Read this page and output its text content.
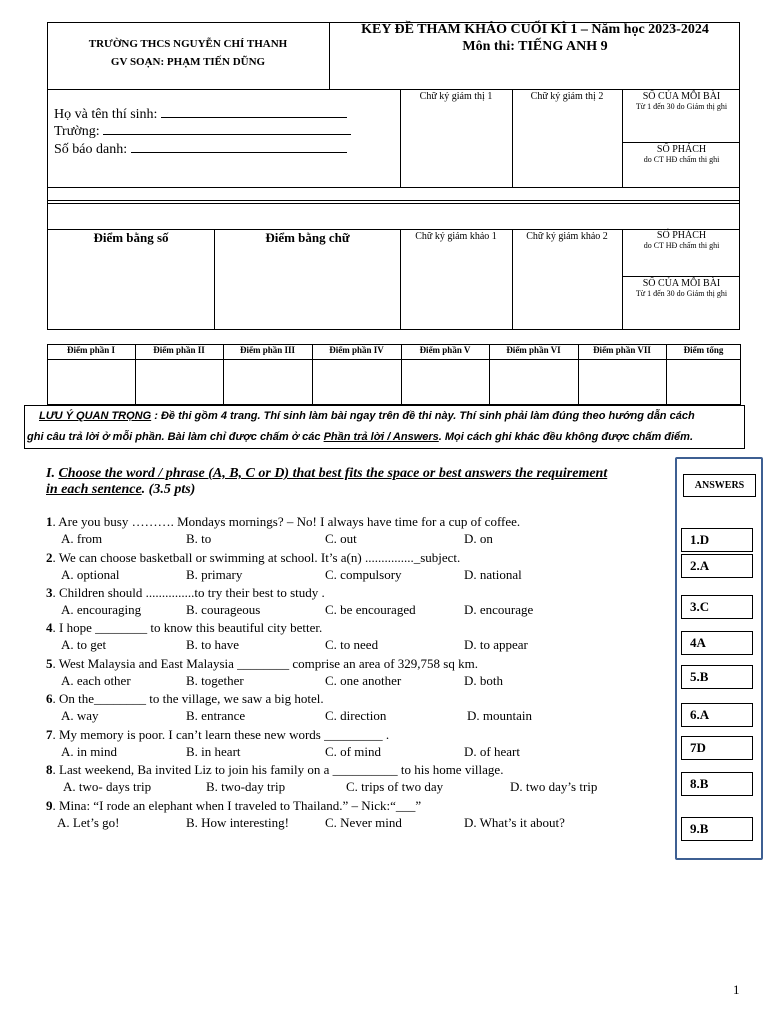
TRƯỜNG THCS NGUYỄN CHÍ THANH
GV SOẠN: PHẠM TIẾN DŨNG
KEY ĐỀ THAM KHẢO CUỐI KÌ 1 – Năm học 2023-2024
Môn thi: TIẾNG ANH 9
Họ và tên thí sinh:
Trường:
Số báo danh:
Chữ ký giám thị 1	Chữ ký giám thị 2	SỐ CỦA MỖI BÀI
Từ 1 đến 30 do Giám thị ghi
SỐ PHÁCH
do CT HĐ chấm thi ghi
Điểm bằng số	Điểm bằng chữ	Chữ ký giám khảo 1	Chữ ký giám khảo 2	SỐ PHÁCH
do CT HĐ chấm thi ghi
SỐ CỦA MỖI BÀI
Từ 1 đến 30 do Giám thị ghi
Điểm phần I	Điểm phần II	Điểm phần III	Điểm phần IV	Điểm phần V	Điểm phần VI	Điểm phần VII	Điểm tổng
LƯU Ý QUAN TRỌNG : Đề thi gồm 4 trang. Thí sinh làm bài ngay trên đề thi này. Thí sinh phải làm đúng theo hướng dẫn cách
ghi câu trả lời ở mỗi phần. Bài làm chỉ được chấm ở các Phần trả lời / Answers. Mọi cách ghi khác đều không được chấm điểm.
I. Choose the word / phrase (A, B, C or D) that best fits the space or best answers the requirement
in each sentence. (3.5 pts)
1. Are you busy ………. Mondays mornings? – No! I always have time for a cup of coffee.
A. from	B. to	C. out	D. on
2. We can choose basketball or swimming at school. It’s a(n) ..............._subject.
A. optional	B. primary	C. compulsory	D. national
3. Children should ...............to try their best to study .
A. encouraging	B. courageous	C. be encouraged	D. encourage
4. I hope ________ to know this beautiful city better.
A. to get	B. to have	C. to need	D. to appear
5. West Malaysia and East Malaysia ________ comprise an area of 329,758 sq km.
A. each other	B. together	C. one another	D. both
6. On the________ to the village, we saw a big hotel.
A. way	B. entrance	C. direction	D. mountain
7. My memory is poor. I can’t learn these new words _________ .
A. in mind	B. in heart	C. of mind	D. of heart
8. Last weekend, Ba invited Liz to join his family on a __________ to his home village.
A. two- days trip	B. two-day trip	C. trips of two day	D. two day’s trip
9. Mina: “I rode an elephant when I traveled to Thailand.” – Nick:“___”
A. Let’s go!	B. How interesting!	C. Never mind	D. What’s it about?
ANSWERS
1.D
2.A
3.C
4A
5.B
6.A
7D
8.B
9.B
1
